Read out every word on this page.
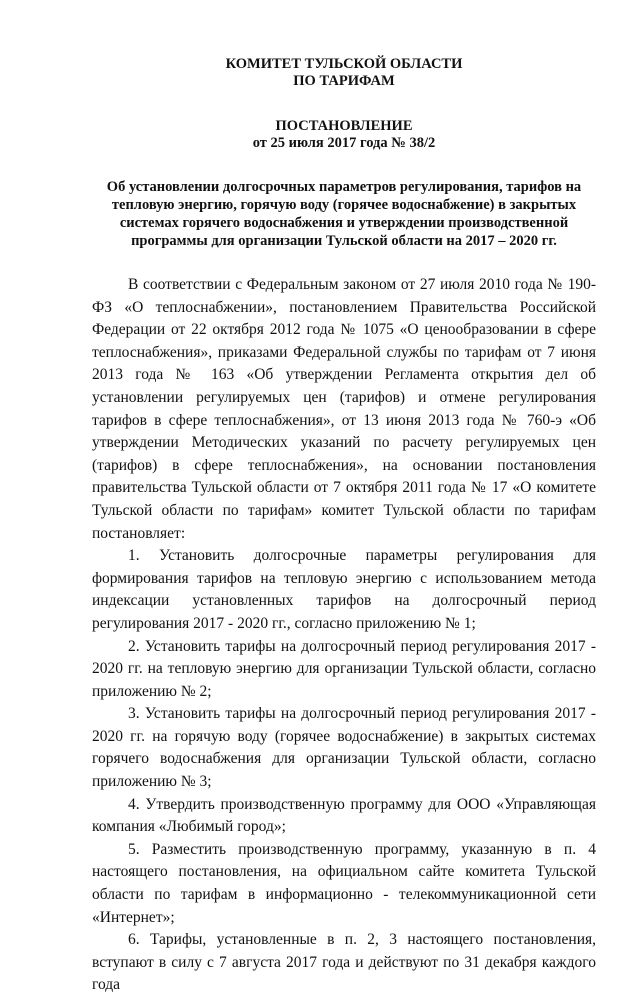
КОМИТЕТ ТУЛЬСКОЙ ОБЛАСТИ
ПО ТАРИФАМ
ПОСТАНОВЛЕНИЕ
от 25 июля 2017 года № 38/2
Об установлении долгосрочных параметров регулирования, тарифов на
тепловую энергию, горячую воду (горячее водоснабжение) в закрытых
системах горячего водоснабжения и утверждении производственной
программы для организации Тульской области на 2017 – 2020 гг.

В соответствии с Федеральным законом от 27 июля 2010 года № 190-ФЗ «О теплоснабжении», постановлением Правительства Российской Федерации от 22 октября 2012 года № 1075 «О ценообразовании в сфере теплоснабжения», приказами Федеральной службы по тарифам от 7 июня 2013 года № 163 «Об утверждении Регламента открытия дел об установлении регулируемых цен (тарифов) и отмене регулирования тарифов в сфере теплоснабжения», от 13 июня 2013 года № 760-э «Об утверждении Методических указаний по расчету регулируемых цен (тарифов) в сфере теплоснабжения», на основании постановления правительства Тульской области от 7 октября 2011 года № 17 «О комитете Тульской области по тарифам» комитет Тульской области по тарифам постановляет:

1. Установить долгосрочные параметры регулирования для формирования тарифов на тепловую энергию с использованием метода индексации установленных тарифов на долгосрочный период регулирования 2017 - 2020 гг., согласно приложению № 1;

2. Установить тарифы на долгосрочный период регулирования 2017 - 2020 гг. на тепловую энергию для организации Тульской области, согласно приложению № 2;

3. Установить тарифы на долгосрочный период регулирования 2017 - 2020 гг. на горячую воду (горячее водоснабжение) в закрытых системах горячего водоснабжения для организации Тульской области, согласно приложению № 3;

4. Утвердить производственную программу для ООО «Управляющая компания «Любимый город»;

5. Разместить производственную программу, указанную в п. 4 настоящего постановления, на официальном сайте комитета Тульской области по тарифам в информационно - телекоммуникационной сети «Интернет»;

6. Тарифы, установленные в п. 2, 3 настоящего постановления, вступают в силу с 7 августа 2017 года и действуют по 31 декабря каждого года
